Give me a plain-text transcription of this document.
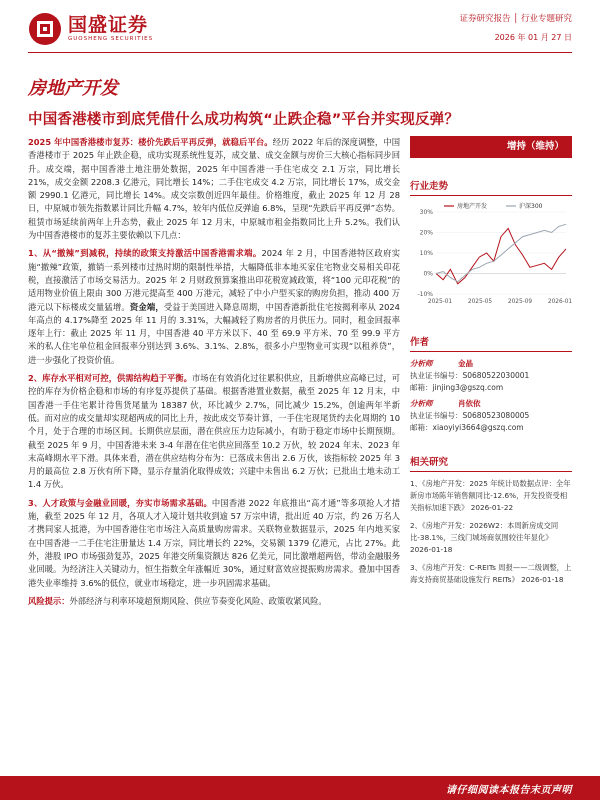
国盛证券
GUOSHENG SECURITIES
证券研究报告 │ 行业专题研究
2026 年 01 月 27 日
房地产开发
中国香港楼市到底凭借什么成功构筑“止跌企稳”平台并实现反弹？

2025 年中国香港楼市复苏：楼价先跌后平再反弹，就稳后平台。经历 2022 年后的深度调整，中国香港楼市于 2025 年止跌企稳，成功实现系统性复苏，成交量、成交金额与房价三大核心指标同步回升。成交端，据中国香港土地注册处数据，2025 年中国香港一手住宅成交 2.1 万宗，同比增长 21%，成交金额 2208.3 亿港元，同比增长 14%；二手住宅成交 4.2 万宗，同比增长 17%，成交金额 2990.1 亿港元，同比增长 14%。成交宗数创近四年最佳。价格维度，截止 2025 年 12 月 28 日，中原城市领先指数累计同比升幅 4.7%，较年内低位反弹逾 6.8%，呈现“先跌后平再反弹”态势。租赁市场延续前两年上升态势，截止 2025 年 12 月末，中原城市租金指数同比上升 5.2%。我们认为中国香港楼市的复苏主要依赖以下几点：

1、从“撤辣”到减税，持续的政策支持激活中国香港需求端。2024 年 2 月，中国香港特区政府实施“撤辣”政策，撤销一系列楼市过热时期的限制性举措，大幅降低非本地买家住宅物业交易相关印花税，直接激活了市场交易活力。2025 年 2 月财政预算案推出印花税宽减政策，将“100 元印花税”的适用物业价值上限由 300 万港元提高至 400 万港元，减轻了中小户型买家的购房负担，推动 400 万港元以下标楼成交量猛增。资金端，受益于美国进入降息周期，中国香港新批住宅按揭利率从 2024 年高点的 4.17%降至 2025 年 11 月的 3.31%，大幅减轻了购房者的月供压力。同时，租金回报率逐年上行：截止 2025 年 11 月，中国香港 40 平方米以下、40 至 69.9 平方米、70 至 99.9 平方米的私人住宅单位租金回报率分别达到 3.6%、3.1%、2.8%，很多小户型物业可实现“以租养贷”，进一步强化了投资价值。

2、库存水平相对可控，供需结构趋于平衡。市场在有效消化过往累积供应，且新增供应高峰已过，可控的库存为价格企稳和市场的有序复苏提供了基础。根据香港置业数据，截至 2025 年 12 月末，中国香港一手住宅累计待售货尾量为 18387 伙，环比减少 2.7%，同比减少 15.2%，创逾两年半新低。而对应的成交量却实现超两成的同比上升，按此成交节奏计算，一手住宅现尾货约去化周期约 10 个月，处于合理的市场区间。长期供应层面，潜在供应压力边际减小，有助于稳定市场中长期预期。截至 2025 年 9 月，中国香港未来 3-4 年潜在住宅供应回落至 10.2 万伙，较 2024 年末、2023 年末高峰期水平下滑。具体来看，潜在供应结构分布为：已落成未售出 2.6 万伙，该指标较 2025 年 3 月的最高位 2.8 万伙有所下降，显示存量消化取得成效；兴建中未售出 6.2 万伙；已批出土地未动工 1.4 万伙。

3、人才政策与金融业回暖，夯实市场需求基础。中国香港 2022 年底推出“高才通”等多项抢人才措施，截至 2025 年 12 月，各项人才入境计划共收到逾 57 万宗申请，批出近 40 万宗，约 26 万名人才携同家人抵港，为中国香港住宅市场注入高质量购房需求。关联物业数据显示，2025 年内地买家在中国香港一二手住宅注册量达 1.4 万宗，同比增长约 22%，交易额 1379 亿港元，占比 27%。此外，港股 IPO 市场强劲复苏，2025 年港交所集资额达 826 亿美元，同比激增超两倍，带动金融服务业回暖。为经济注入关键动力，恒生指数全年涨幅近 30%，通过财富效应提振购房需求。叠加中国香港失业率维持 3.6%的低位，就业市场稳定，进一步巩固需求基础。

风险提示：外部经济与利率环境超预期风险、供应节奏变化风险、政策收紧风险。

增持（维持）
行业走势
-10%
0%
10%
20%
30%
2025-01	2025-05	2025-09	2026-01
房地产开发	沪深300
作者
分析师	金晶
执业证书编号：S0680522030001
邮箱：jinjing3@gszq.com
分析师	肖依依
执业证书编号：S0680523080005
邮箱：xiaoyiyi3664@gszq.com
相关研究
1、《房地产开发：2025 年统计局数据点评：全年新房市场陈年销售额同比-12.6%，开发投资受相关指标加速下跌》 2026-01-22
2、《房地产开发：2026W2：本周新房成交同比-38.1%，三线门城场商氛围较往年显化》 2026-01-18
3、《房地产开发：C-REITs 周报——二级调整，上海支持商贸基础设施发行 REITs》 2026-01-18
请仔细阅读本报告末页声明
